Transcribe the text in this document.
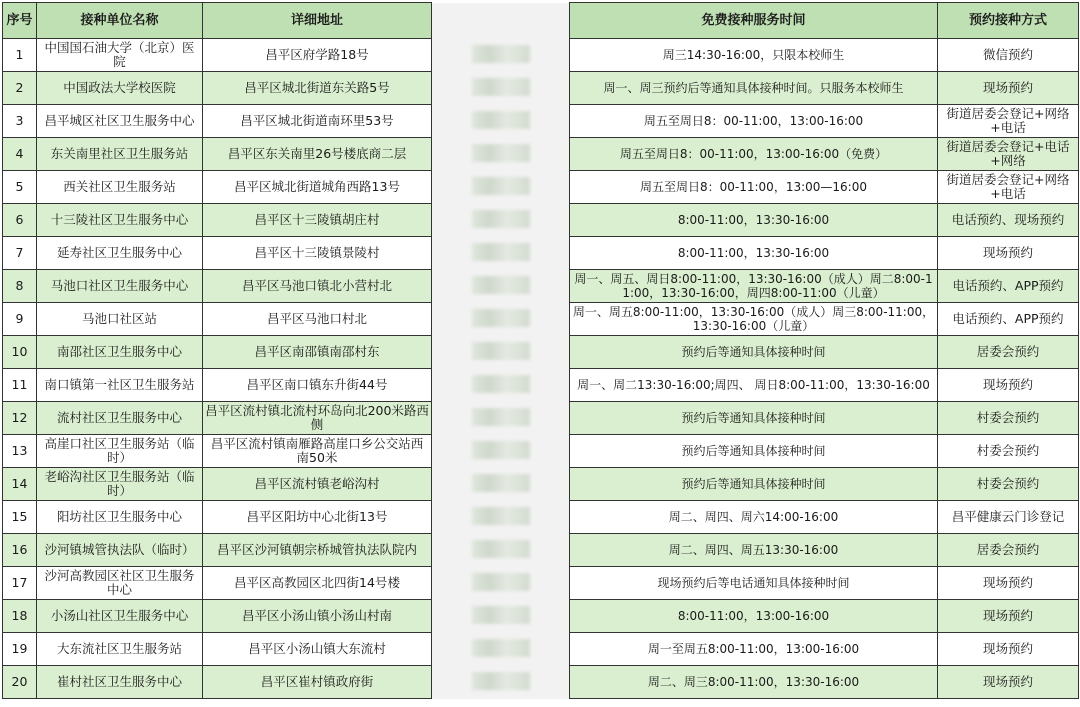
序号	接种单位名称	详细地址		免费接种服务时间	预约接种方式
1	中国国石油大学（北京）医院	昌平区府学路18号		周三14:30-16:00，只限本校师生	微信预约
2	中国政法大学校医院	昌平区城北街道东关路5号		周一、周三预约后等通知具体接种时间。只服务本校师生	现场预约
3	昌平城区社区卫生服务中心	昌平区城北街道南环里53号		周五至周日8：00-11:00，13:00-16:00	街道居委会登记+网络+电话
4	东关南里社区卫生服务站	昌平区东关南里26号楼底商二层		周五至周日8：00-11:00，13:00-16:00（免费）	街道居委会登记+电话+网络
5	西关社区卫生服务站	昌平区城北街道城角西路13号		周五至周日8：00-11:00，13:00—16:00	街道居委会登记+网络+电话
6	十三陵社区卫生服务中心	昌平区十三陵镇胡庄村		8:00-11:00，13:30-16:00	电话预约、现场预约
7	延寿社区卫生服务中心	昌平区十三陵镇景陵村		8:00-11:00，13:30-16:00	现场预约
8	马池口社区卫生服务中心	昌平区马池口镇北小营村北		周一、周五、周日8:00-11:00，13:30-16:00（成人）周二8:00-11:00，13:30-16:00，周四8:00-11:00（儿童）	电话预约、APP预约
9	马池口社区站	昌平区马池口村北		周一、周五8:00-11:00，13:30-16:00（成人）周三8:00-11:00，13:30-16:00（儿童）	电话预约、APP预约
10	南邵社区卫生服务中心	昌平区南邵镇南邵村东		预约后等通知具体接种时间	居委会预约
11	南口镇第一社区卫生服务站	昌平区南口镇东升街44号		周一、周二13:30-16:00;周四、 周日8:00-11:00，13:30-16:00	现场预约
12	流村社区卫生服务中心	昌平区流村镇北流村环岛向北200米路西侧		预约后等通知具体接种时间	村委会预约
13	高崖口社区卫生服务站（临时）	昌平区流村镇南雁路高崖口乡公交站西南50米		预约后等通知具体接种时间	村委会预约
14	老峪沟社区卫生服务站（临时）	昌平区流村镇老峪沟村		预约后等通知具体接种时间	村委会预约
15	阳坊社区卫生服务中心	昌平区阳坊中心北街13号		周二、周四、周六14:00-16:00	昌平健康云门诊登记
16	沙河镇城管执法队（临时）	昌平区沙河镇朝宗桥城管执法队院内		周二、周四、周五13:30-16:00	居委会预约
17	沙河高教园区社区卫生服务中心	昌平区高教园区北四街14号楼		现场预约后等电话通知具体接种时间	现场预约
18	小汤山社区卫生服务中心	昌平区小汤山镇小汤山村南		8:00-11:00，13:00-16:00	现场预约
19	大东流社区卫生服务站	昌平区小汤山镇大东流村		周一至周五8:00-11:00，13:00-16:00	现场预约
20	崔村社区卫生服务中心	昌平区崔村镇政府街		周二、周三8:00-11:00，13:30-16:00	现场预约
